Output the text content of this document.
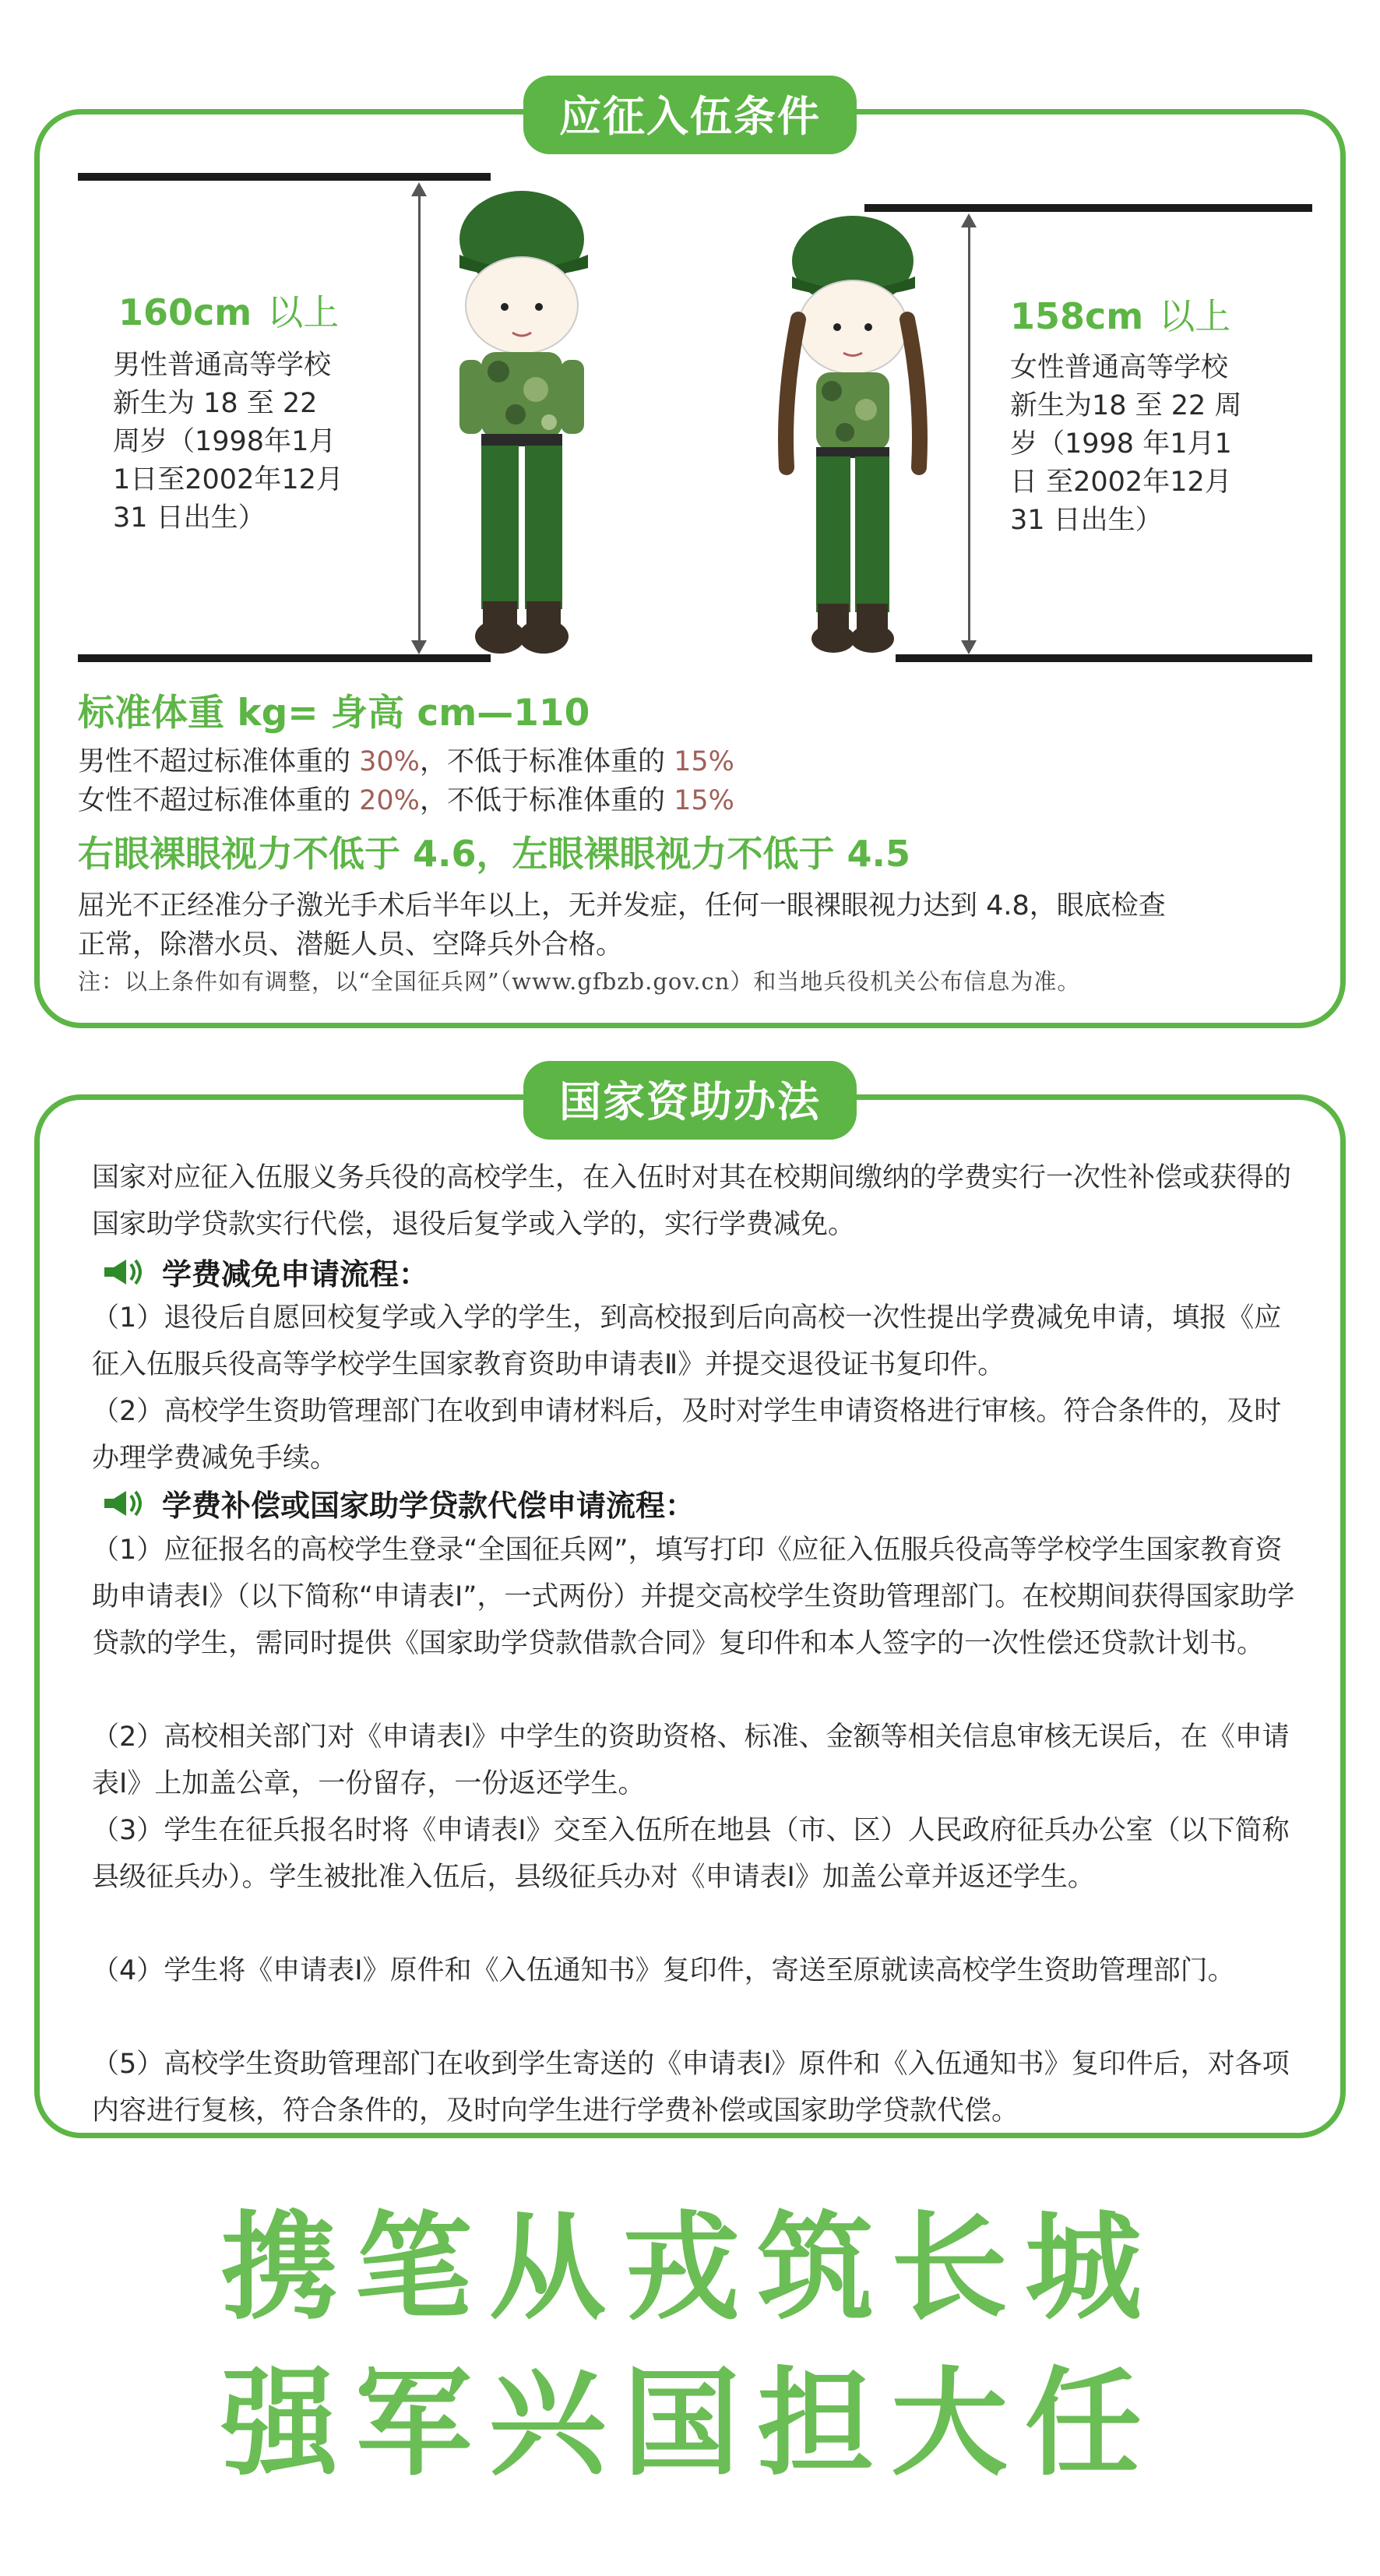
应征入伍条件
160cm 以上
男性普通高等学校
新生为 18 至 22
周岁（1998年1月
1日至2002年12月
31 日出生）
158cm 以上
女性普通高等学校
新生为18 至 22 周
岁（1998 年1月1
日 至2002年12月
31 日出生）
标准体重 kg= 身高 cm—110
男性不超过标准体重的 30%，不低于标准体重的 15%
女性不超过标准体重的 20%，不低于标准体重的 15%
右眼裸眼视力不低于 4.6，左眼裸眼视力不低于 4.5
屈光不正经准分子激光手术后半年以上，无并发症，任何一眼裸眼视力达到 4.8，眼底检查
正常，除潜水员、潜艇人员、空降兵外合格。
注：以上条件如有调整，以“全国征兵网”（www.gfbzb.gov.cn）和当地兵役机关公布信息为准。
国家资助办法
国家对应征入伍服义务兵役的高校学生，在入伍时对其在校期间缴纳的学费实行一次性补偿或获得的国家助学贷款实行代偿，退役后复学或入学的，实行学费减免。
学费减免申请流程 ：
（1）退役后自愿回校复学或入学的学生，到高校报到后向高校一次性提出学费减免申请，填报《应征入伍服兵役高等学校学生国家教育资助申请表Ⅱ》并提交退役证书复印件。
（2）高校学生资助管理部门在收到申请材料后，及时对学生申请资格进行审核。符合条件的，及时办理学费减免手续。
学费补偿或国家助学贷款代偿申请流程 ：
（1）应征报名的高校学生登录“全国征兵网”，填写打印《应征入伍服兵役高等学校学生国家教育资助申请表Ⅰ》（以下简称“申请表Ⅰ”，一式两份）并提交高校学生资助管理部门。在校期间获得国家助学贷款的学生，需同时提供《国家助学贷款借款合同》复印件和本人签字的一次性偿还贷款计划书。
（2）高校相关部门对《申请表Ⅰ》中学生的资助资格、标准、金额等相关信息审核无误后，在《申请表Ⅰ》上加盖公章，一份留存，一份返还学生。
（3）学生在征兵报名时将《申请表Ⅰ》交至入伍所在地县（市、区）人民政府征兵办公室（以下简称县级征兵办）。学生被批准入伍后，县级征兵办对《申请表Ⅰ》加盖公章并返还学生。
（4）学生将《申请表Ⅰ》原件和《入伍通知书》复印件，寄送至原就读高校学生资助管理部门。
（5）高校学生资助管理部门在收到学生寄送的《申请表Ⅰ》原件和《入伍通知书》复印件后，对各项内容进行复核，符合条件的，及时向学生进行学费补偿或国家助学贷款代偿。
携笔从戎筑长城
强军兴国担大任
